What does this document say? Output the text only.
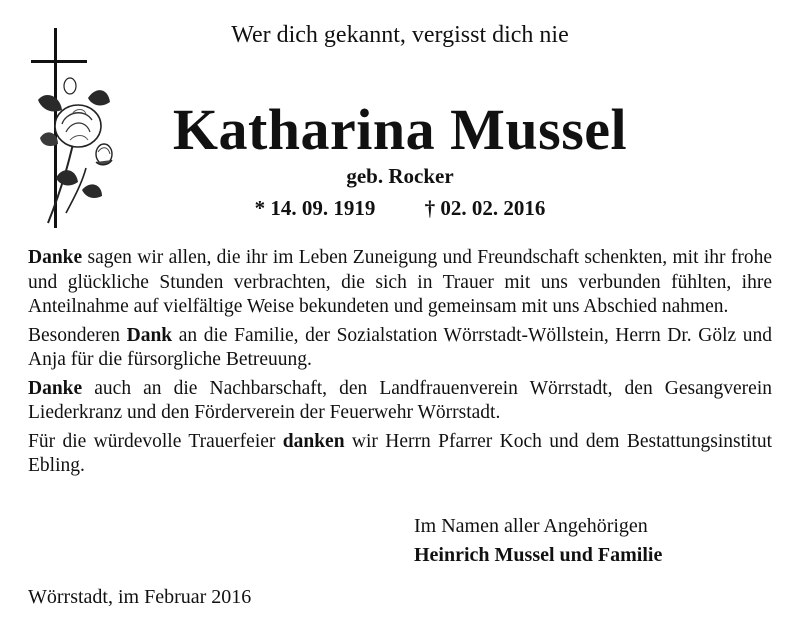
Wer dich gekannt, vergisst dich nie
Katharina Mussel
geb. Rocker
* 14. 09. 1919 † 02. 02. 2016

Danke sagen wir allen, die ihr im Leben Zuneigung und Freundschaft schenkten, mit ihr frohe und glückliche Stunden verbrachten, die sich in Trauer mit uns verbunden fühlten, ihre Anteilnahme auf vielfältige Weise bekundeten und gemeinsam mit uns Abschied nahmen.

Besonderen Dank an die Familie, der Sozialstation Wörrstadt-Wöllstein, Herrn Dr. Gölz und Anja für die fürsorgliche Betreuung.

Danke auch an die Nachbarschaft, den Landfrauenverein Wörrstadt, den Gesangverein Liederkranz und den Förderverein der Feuerwehr Wörrstadt.

Für die würdevolle Trauerfeier danken wir Herrn Pfarrer Koch und dem Bestattungsinstitut Ebling.

Im Namen aller Angehörigen
Heinrich Mussel und Familie
Wörrstadt, im Februar 2016
